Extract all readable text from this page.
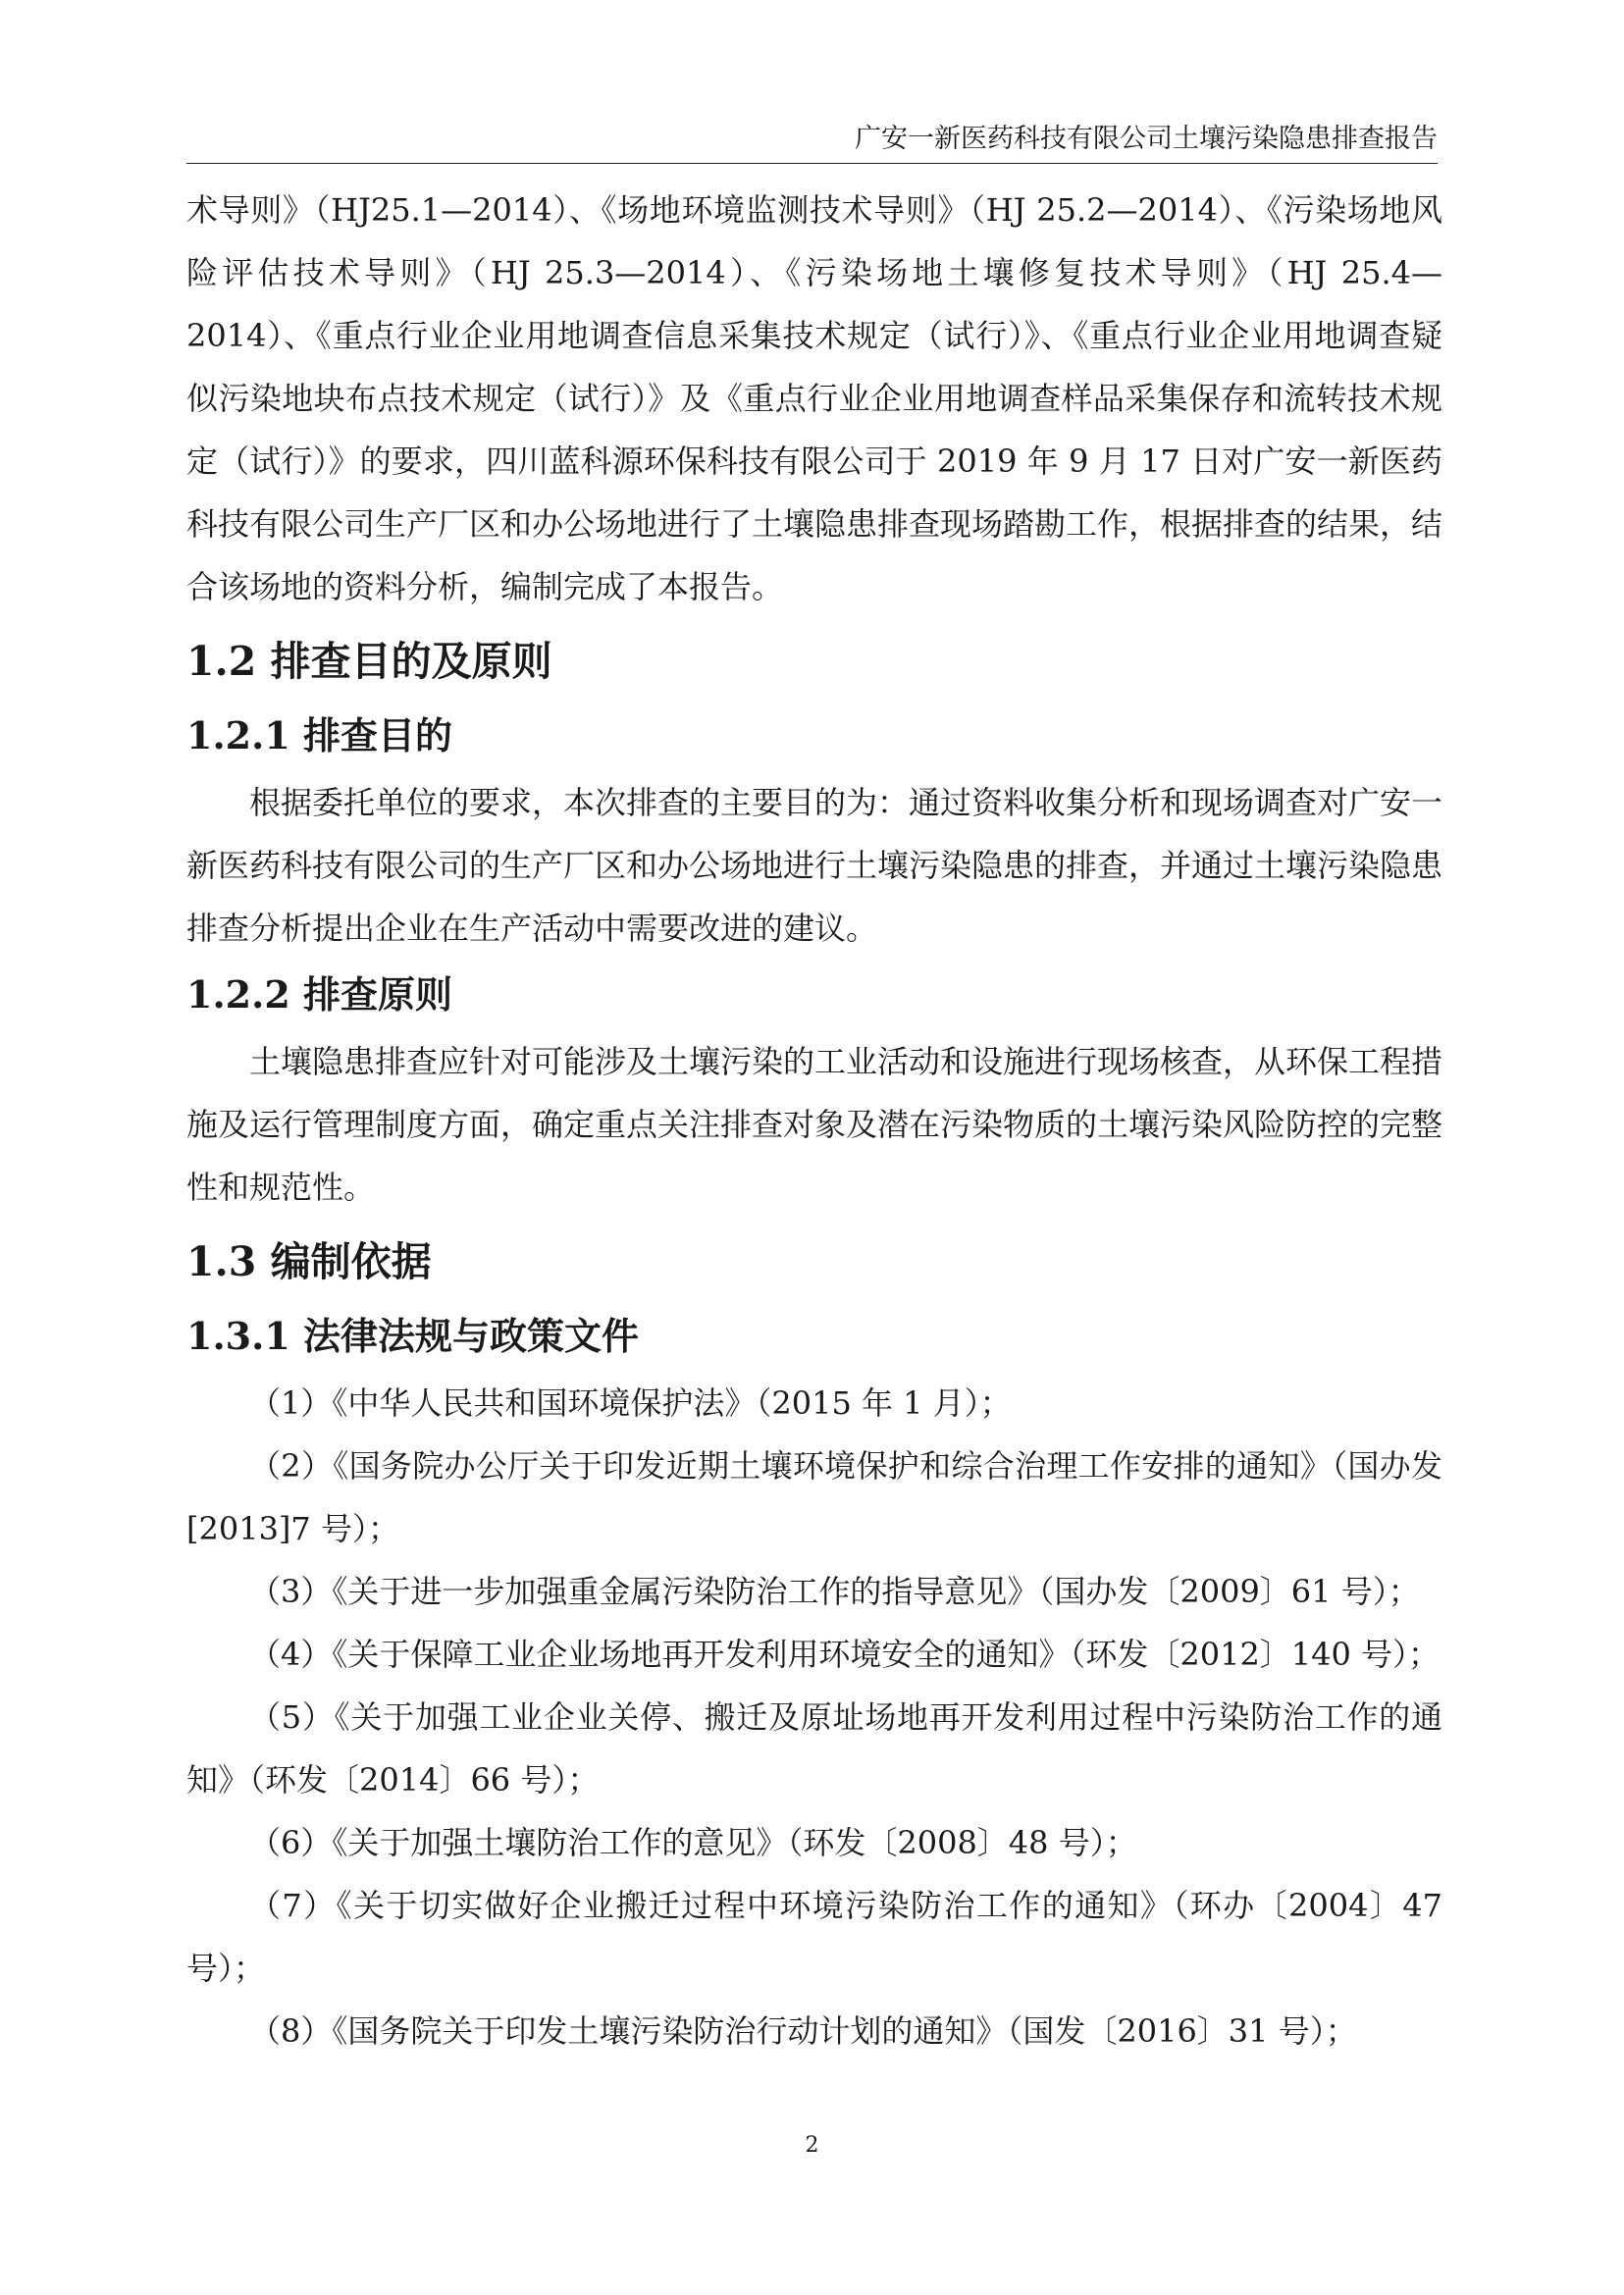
广安一新医药科技有限公司土壤污染隐患排查报告

术导则》（HJ25.1—2014）、《场地环境监测技术导则》（HJ 25.2—2014）、《污染场地风险评估技术导则》（HJ 25.3—2014）、《污染场地土壤修复技术导则》（HJ 25.4—2014）、《重点行业企业用地调查信息采集技术规定（试行）》、《重点行业企业用地调查疑似污染地块布点技术规定（试行）》及《重点行业企业用地调查样品采集保存和流转技术规定（试行）》的要求，四川蓝科源环保科技有限公司于 2019 年 9 月 17 日对广安一新医药科技有限公司生产厂区和办公场地进行了土壤隐患排查现场踏勘工作，根据排查的结果，结合该场地的资料分析，编制完成了本报告。

1.2 排查目的及原则
1.2.1 排查目的

根据委托单位的要求，本次排查的主要目的为：通过资料收集分析和现场调查对广安一新医药科技有限公司的生产厂区和办公场地进行土壤污染隐患的排查，并通过土壤污染隐患排查分析提出企业在生产活动中需要改进的建议。

1.2.2 排查原则

土壤隐患排查应针对可能涉及土壤污染的工业活动和设施进行现场核查，从环保工程措施及运行管理制度方面，确定重点关注排查对象及潜在污染物质的土壤污染风险防控的完整性和规范性。

1.3 编制依据
1.3.1 法律法规与政策文件

（1）《中华人民共和国环境保护法》（2015 年 1 月）；

（2）《国务院办公厅关于印发近期土壤环境保护和综合治理工作安排的通知》（国办发[2013]7 号）；

（3）《关于进一步加强重金属污染防治工作的指导意见》（国办发〔2009〕61 号）；

（4）《关于保障工业企业场地再开发利用环境安全的通知》（环发〔2012〕140 号）；

（5）《关于加强工业企业关停、搬迁及原址场地再开发利用过程中污染防治工作的通知》（环发〔2014〕66 号）；

（6）《关于加强土壤防治工作的意见》（环发〔2008〕48 号）；

（7）《关于切实做好企业搬迁过程中环境污染防治工作的通知》（环办〔2004〕47 号）；

（8）《国务院关于印发土壤污染防治行动计划的通知》（国发〔2016〕31 号）；

2
